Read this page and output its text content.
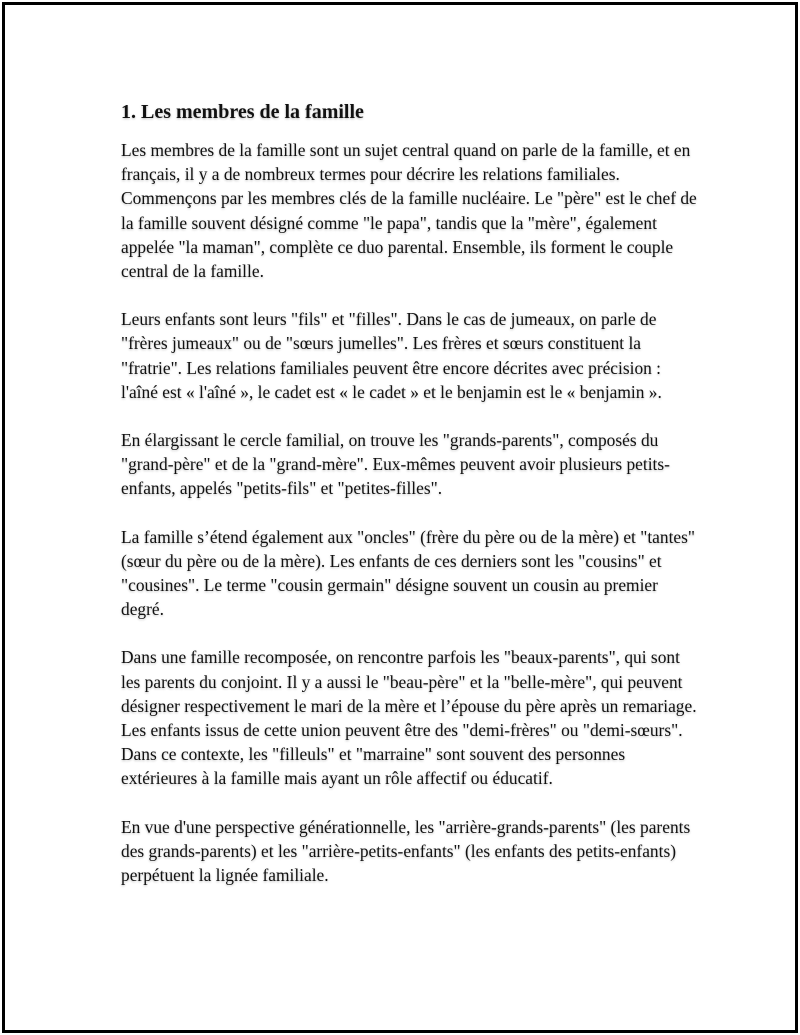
1. Les membres de la famille

Les membres de la famille sont un sujet central quand on parle de la famille, et en français, il y a de nombreux termes pour décrire les relations familiales. Commençons par les membres clés de la famille nucléaire. Le "père" est le chef de la famille souvent désigné comme "le papa", tandis que la "mère", également appelée "la maman", complète ce duo parental. Ensemble, ils forment le couple central de la famille.

Leurs enfants sont leurs "fils" et "filles". Dans le cas de jumeaux, on parle de "frères jumeaux" ou de "sœurs jumelles". Les frères et sœurs constituent la "fratrie". Les relations familiales peuvent être encore décrites avec précision : l'aîné est « l'aîné », le cadet est « le cadet » et le benjamin est le « benjamin ».

En élargissant le cercle familial, on trouve les "grands-parents", composés du "grand-père" et de la "grand-mère". Eux-mêmes peuvent avoir plusieurs petits-enfants, appelés "petits-fils" et "petites-filles".

La famille s’étend également aux "oncles" (frère du père ou de la mère) et "tantes" (sœur du père ou de la mère). Les enfants de ces derniers sont les "cousins" et "cousines". Le terme "cousin germain" désigne souvent un cousin au premier degré.

Dans une famille recomposée, on rencontre parfois les "beaux-parents", qui sont les parents du conjoint. Il y a aussi le "beau-père" et la "belle-mère", qui peuvent désigner respectivement le mari de la mère et l’épouse du père après un remariage. Les enfants issus de cette union peuvent être des "demi-frères" ou "demi-sœurs". Dans ce contexte, les "filleuls" et "marraine" sont souvent des personnes extérieures à la famille mais ayant un rôle affectif ou éducatif.

En vue d'une perspective générationnelle, les "arrière-grands-parents" (les parents des grands-parents) et les "arrière-petits-enfants" (les enfants des petits-enfants) perpétuent la lignée familiale.
